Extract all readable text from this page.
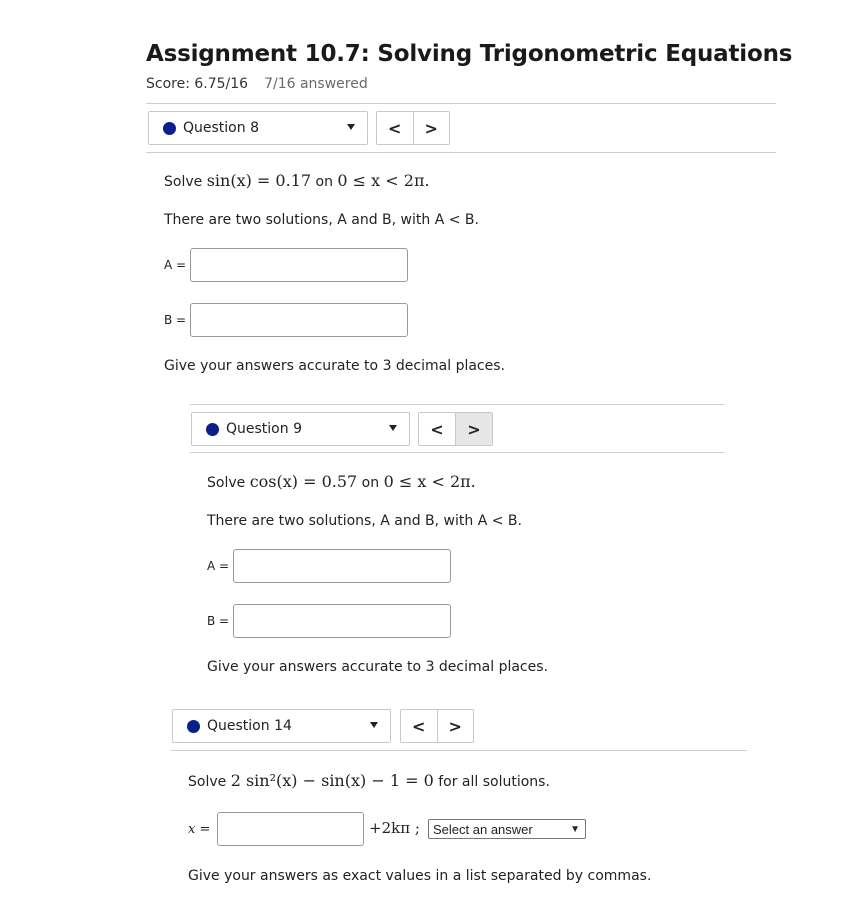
Assignment 10.7: Solving Trigonometric Equations
Score: 6.75/16 7/16 answered
Question 8	<	>
Solve sin(x) = 0.17 on 0 ≤ x < 2π.
There are two solutions, A and B, with A < B.
A =
B =
Give your answers accurate to 3 decimal places.
Question 9	<	>
Solve cos(x) = 0.57 on 0 ≤ x < 2π.
There are two solutions, A and B, with A < B.
A =
B =
Give your answers accurate to 3 decimal places.
Question 14	<	>
Solve 2 sin²(x) − sin(x) − 1 = 0 for all solutions.
x =	+2kπ ; Select an answer	▼
Give your answers as exact values in a list separated by commas.
